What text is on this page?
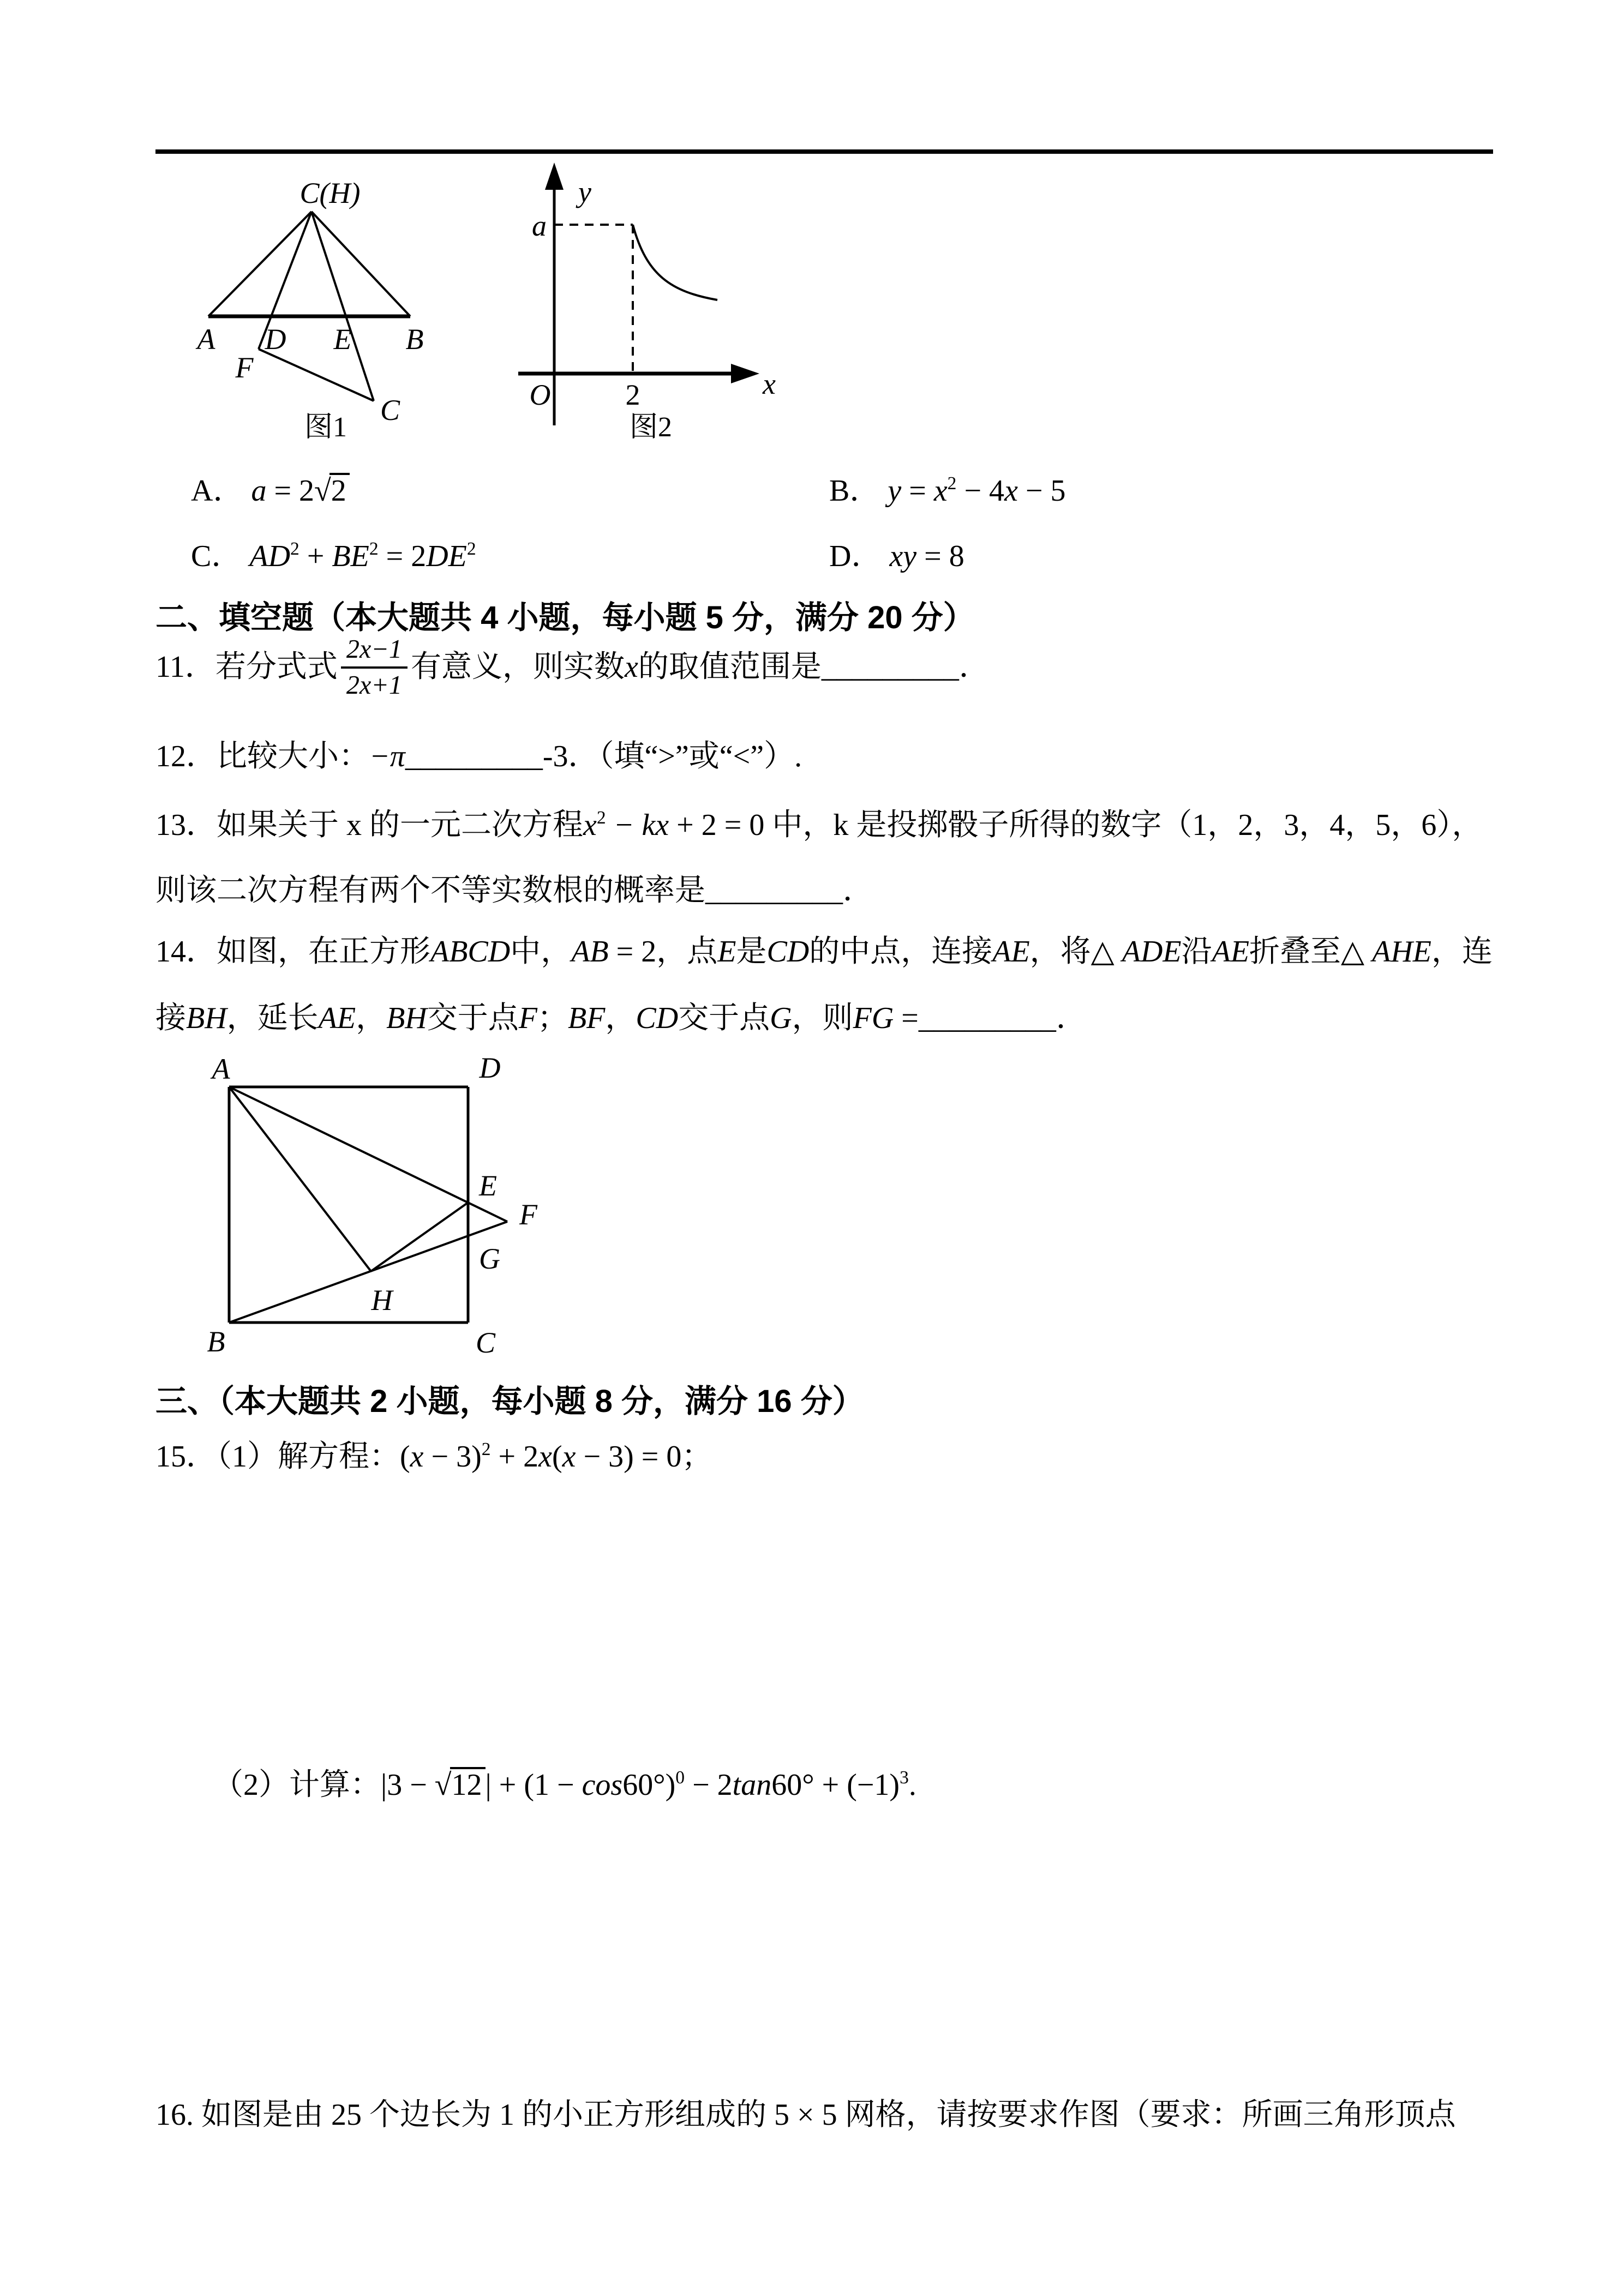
C(H)
A D E B
F
C
图1
y
a
O	2	x
图2
A． a = 2√2	B． $y = x^2 - 4x - 5$
C． $AD^2 + BE^2 = 2DE^2$	D． xy = 8
二、填空题（本大题共 4 小题，每小题 5 分，满分 20 分）
11．若分式式 $\frac{2x-1}{2x+1}$ 有意义，则实数x的取值范围是_________．
12．比较大小：−π_________-3．（填“>”或“<”）.
13．如果关于 x 的一元二次方程$x^2$ − kx + 2 = 0 中，k 是投掷骰子所得的数字（1，2，3，4，5，6），
则该二次方程有两个不等实数根的概率是_________．
14．如图，在正方形ABCD中，AB = 2，点E是CD的中点，连接AE，将△ ADE沿AE折叠至△ AHE，连
接BH，延长AE，BH交于点F；BF，CD交于点G，则FG =_________．
A	D
B	C
E
F
G
H
三、（本大题共 2 小题，每小题 8 分，满分 16 分）
15．（1）解方程：$(x - 3)^2 + 2x(x - 3) = 0$；
（2）计算：|3 − √12 | + $(1 - \cos 60^\circ)^0 - 2\tan 60^\circ + (-1)^3$.
16. 如图是由 25 个边长为 1 的小正方形组成的 5 × 5 网格，请按要求作图（要求：所画三角形顶点
